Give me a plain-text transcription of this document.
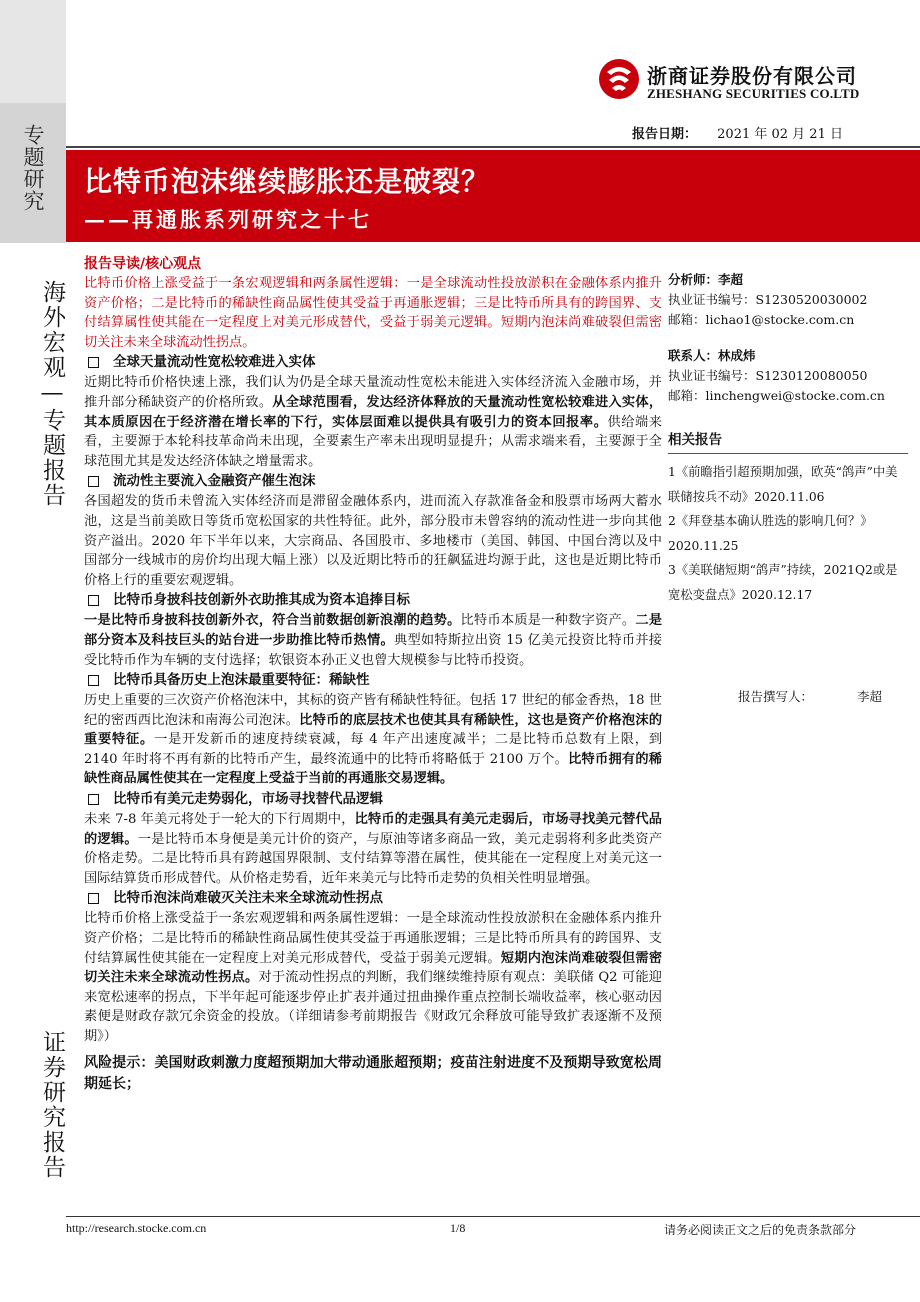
专题研究
海外宏观—专题报告
证券研究报告
浙商证券股份有限公司
ZHESHANG SECURITIES CO.LTD
报告日期： 2021 年 02 月 21 日
比特币泡沫继续膨胀还是破裂？
——再通胀系列研究之十七
报告导读/核心观点

比特币价格上涨受益于一条宏观逻辑和两条属性逻辑：一是全球流动性投放淤积在金融体系内推升资产价格；二是比特币的稀缺性商品属性使其受益于再通胀逻辑；三是比特币所具有的跨国界、支付结算属性使其能在一定程度上对美元形成替代，受益于弱美元逻辑。短期内泡沫尚难破裂但需密切关注未来全球流动性拐点。

全球天量流动性宽松较难进入实体

近期比特币价格快速上涨，我们认为仍是全球天量流动性宽松未能进入实体经济流入金融市场，并推升部分稀缺资产的价格所致。从全球范围看，发达经济体释放的天量流动性宽松较难进入实体，其本质原因在于经济潜在增长率的下行，实体层面难以提供具有吸引力的资本回报率。供给端来看，主要源于本轮科技革命尚未出现，全要素生产率未出现明显提升；从需求端来看，主要源于全球范围尤其是发达经济体缺之增量需求。

流动性主要流入金融资产催生泡沫

各国超发的货币未曾流入实体经济而是滞留金融体系内，进而流入存款准备金和股票市场两大蓄水池，这是当前美欧日等货币宽松国家的共性特征。此外，部分股市未曾容纳的流动性进一步向其他资产溢出。2020 年下半年以来，大宗商品、各国股市、多地楼市（美国、韩国、中国台湾以及中国部分一线城市的房价均出现大幅上涨）以及近期比特币的狂飙猛进均源于此，这也是近期比特币价格上行的重要宏观逻辑。

比特币身披科技创新外衣助推其成为资本追捧目标

一是比特币身披科技创新外衣，符合当前数据创新浪潮的趋势。比特币本质是一种数字资产。二是部分资本及科技巨头的站台进一步助推比特币热情。典型如特斯拉出资 15 亿美元投资比特币并接受比特币作为车辆的支付选择；软银资本孙正义也曾大规模参与比特币投资。

比特币具备历史上泡沫最重要特征：稀缺性

历史上重要的三次资产价格泡沫中，其标的资产皆有稀缺性特征。包括 17 世纪的郁金香热，18 世纪的密西西比泡沫和南海公司泡沫。比特币的底层技术也使其具有稀缺性，这也是资产价格泡沫的重要特征。一是开发新币的速度持续衰减，每 4 年产出速度减半；二是比特币总数有上限，到 2140 年时将不再有新的比特币产生，最终流通中的比特币将略低于 2100 万个。比特币拥有的稀缺性商品属性使其在一定程度上受益于当前的再通胀交易逻辑。

比特币有美元走势弱化，市场寻找替代品逻辑

未来 7-8 年美元将处于一轮大的下行周期中，比特币的走强具有美元走弱后，市场寻找美元替代品的逻辑。一是比特币本身便是美元计价的资产，与原油等诸多商品一致，美元走弱将利多此类资产价格走势。二是比特币具有跨越国界限制、支付结算等潜在属性，使其能在一定程度上对美元这一国际结算货币形成替代。从价格走势看，近年来美元与比特币走势的负相关性明显增强。

比特币泡沫尚难破灭关注未来全球流动性拐点

比特币价格上涨受益于一条宏观逻辑和两条属性逻辑：一是全球流动性投放淤积在金融体系内推升资产价格；二是比特币的稀缺性商品属性使其受益于再通胀逻辑；三是比特币所具有的跨国界、支付结算属性使其能在一定程度上对美元形成替代，受益于弱美元逻辑。短期内泡沫尚难破裂但需密切关注未来全球流动性拐点。对于流动性拐点的判断，我们继续维持原有观点：美联储 Q2 可能迎来宽松速率的拐点，下半年起可能逐步停止扩表并通过扭曲操作重点控制长端收益率，核心驱动因素便是财政存款冗余资金的投放。（详细请参考前期报告《财政冗余释放可能导致扩表逐渐不及预期》）

风险提示：美国财政刺激力度超预期加大带动通胀超预期；疫苗注射进度不及预期导致宽松周期延长；
分析师：李超
执业证书编号：S1230520030002
邮箱：lichao1@stocke.com.cn
联系人：林成炜
执业证书编号：S1230120080050
邮箱：linchengwei@stocke.com.cn
相关报告
1《前瞻指引超预期加强，欧英“鸽声”中美联储按兵不动》2020.11.06
2《拜登基本确认胜选的影响几何？》2020.11.25
3《美联储短期“鸽声”持续，2021Q2或是宽松变盘点》2020.12.17
报告撰写人：	李超
http://research.stocke.com.cn	1/8	请务必阅读正文之后的免责条款部分
